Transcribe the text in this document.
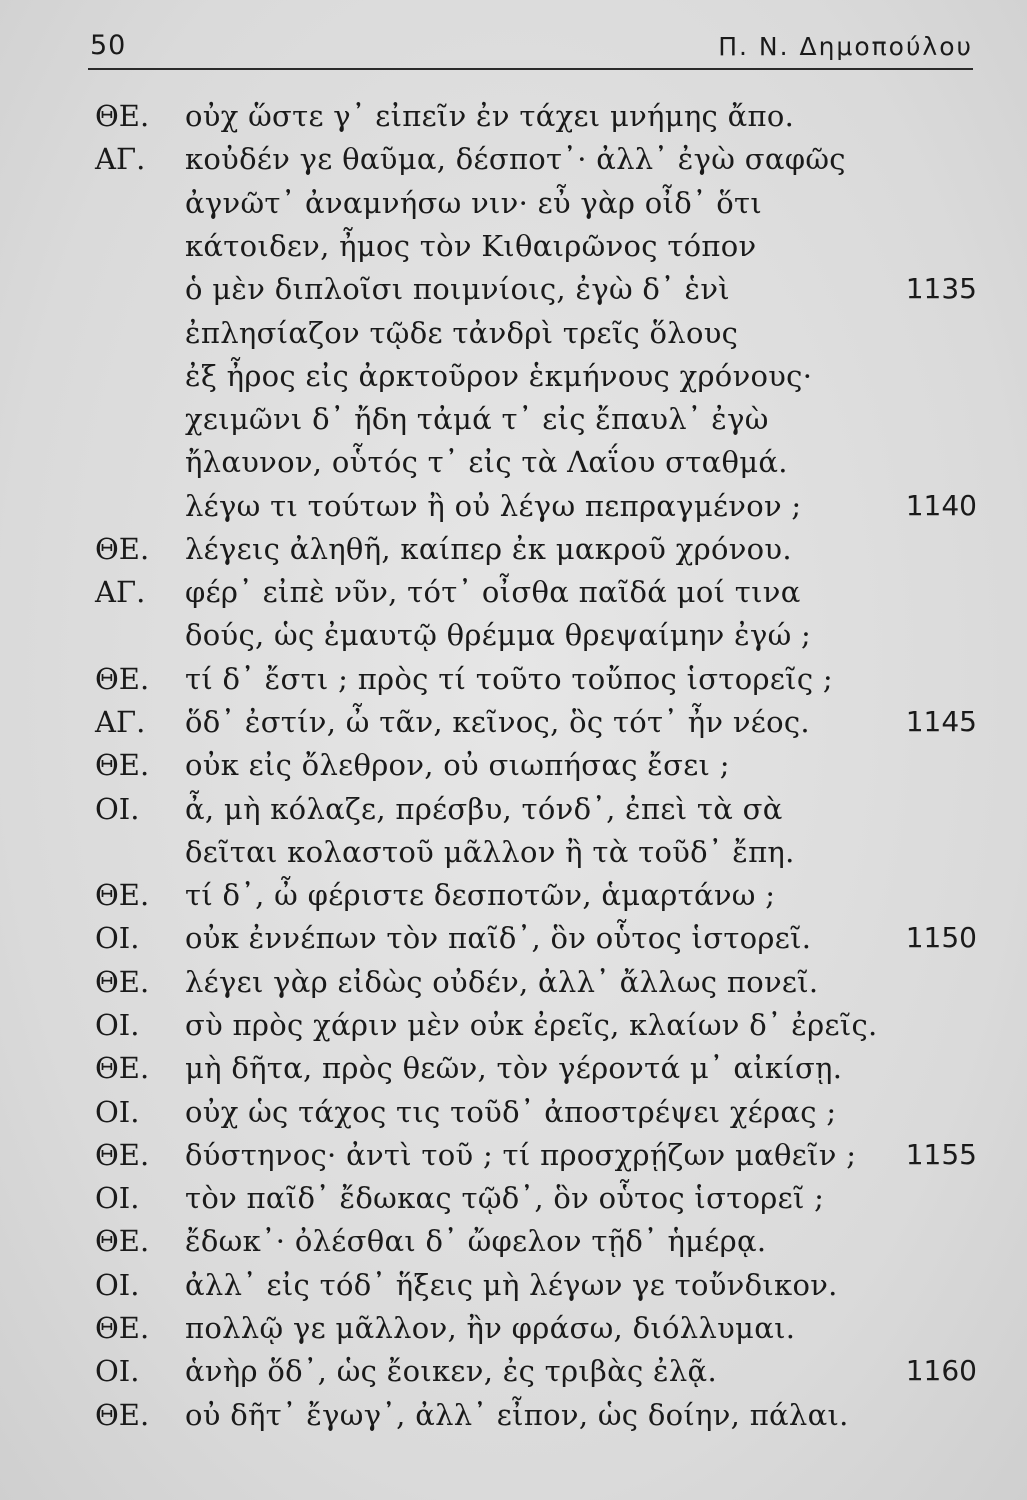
50	Π. Ν. Δημοπούλου
ΘΕ. οὐχ ὥστε γ᾽ εἰπεῖν ἐν τάχει μνήμης ἄπο.
ΑΓ. κοὐδέν γε θαῦμα, δέσποτ᾽· ἀλλ᾽ ἐγὼ σαφῶς
ἀγνῶτ᾽ ἀναμνήσω νιν· εὖ γὰρ οἶδ᾽ ὅτι
κάτοιδεν, ἦμος τὸν Κιθαιρῶνος τόπον
ὁ μὲν διπλοῖσι ποιμνίοις, ἐγὼ δ᾽ ἑνὶ	1135
ἐπλησίαζον τῷδε τἀνδρὶ τρεῖς ὅλους
ἐξ ἦρος εἰς ἀρκτοῦρον ἑκμήνους χρόνους·
χειμῶνι δ᾽ ἤδη τἀμά τ᾽ εἰς ἔπαυλ᾽ ἐγὼ
ἤλαυνον, οὗτός τ᾽ εἰς τὰ Λαΐου σταθμά.
λέγω τι τούτων ἢ οὐ λέγω πεπραγμένον ;	1140
ΘΕ. λέγεις ἀληθῆ, καίπερ ἐκ μακροῦ χρόνου.
ΑΓ. φέρ᾽ εἰπὲ νῦν, τότ᾽ οἶσθα παῖδά μοί τινα
δούς, ὡς ἐμαυτῷ θρέμμα θρεψαίμην ἐγώ ;
ΘΕ. τί δ᾽ ἔστι ; πρὸς τί τοῦτο τοὔπος ἱστορεῖς ;
ΑΓ. ὅδ᾽ ἐστίν, ὦ τᾶν, κεῖνος, ὃς τότ᾽ ἦν νέος.	1145
ΘΕ. οὐκ εἰς ὄλεθρον, οὐ σιωπήσας ἔσει ;
ΟΙ. ἆ, μὴ κόλαζε, πρέσβυ, τόνδ᾽, ἐπεὶ τὰ σὰ
δεῖται κολαστοῦ μᾶλλον ἢ τὰ τοῦδ᾽ ἔπη.
ΘΕ. τί δ᾽, ὦ φέριστε δεσποτῶν, ἁμαρτάνω ;
ΟΙ. οὐκ ἐννέπων τὸν παῖδ᾽, ὃν οὗτος ἱστορεῖ.	1150
ΘΕ. λέγει γὰρ εἰδὼς οὐδέν, ἀλλ᾽ ἄλλως πονεῖ.
ΟΙ. σὺ πρὸς χάριν μὲν οὐκ ἐρεῖς, κλαίων δ᾽ ἐρεῖς.
ΘΕ. μὴ δῆτα, πρὸς θεῶν, τὸν γέροντά μ᾽ αἰκίσῃ.
ΟΙ. οὐχ ὡς τάχος τις τοῦδ᾽ ἀποστρέψει χέρας ;
ΘΕ. δύστηνος· ἀντὶ τοῦ ; τί προσχρῄζων μαθεῖν ; 1155
ΟΙ. τὸν παῖδ᾽ ἔδωκας τῷδ᾽, ὃν οὗτος ἱστορεῖ ;
ΘΕ. ἔδωκ᾽· ὀλέσθαι δ᾽ ὤφελον τῇδ᾽ ἡμέρᾳ.
ΟΙ. ἀλλ᾽ εἰς τόδ᾽ ἥξεις μὴ λέγων γε τοὔνδικον.
ΘΕ. πολλῷ γε μᾶλλον, ἢν φράσω, διόλλυμαι.
ΟΙ. ἁνὴρ ὅδ᾽, ὡς ἔοικεν, ἐς τριβὰς ἐλᾷ.	1160
ΘΕ. οὐ δῆτ᾽ ἔγωγ᾽, ἀλλ᾽ εἶπον, ὡς δοίην, πάλαι.
